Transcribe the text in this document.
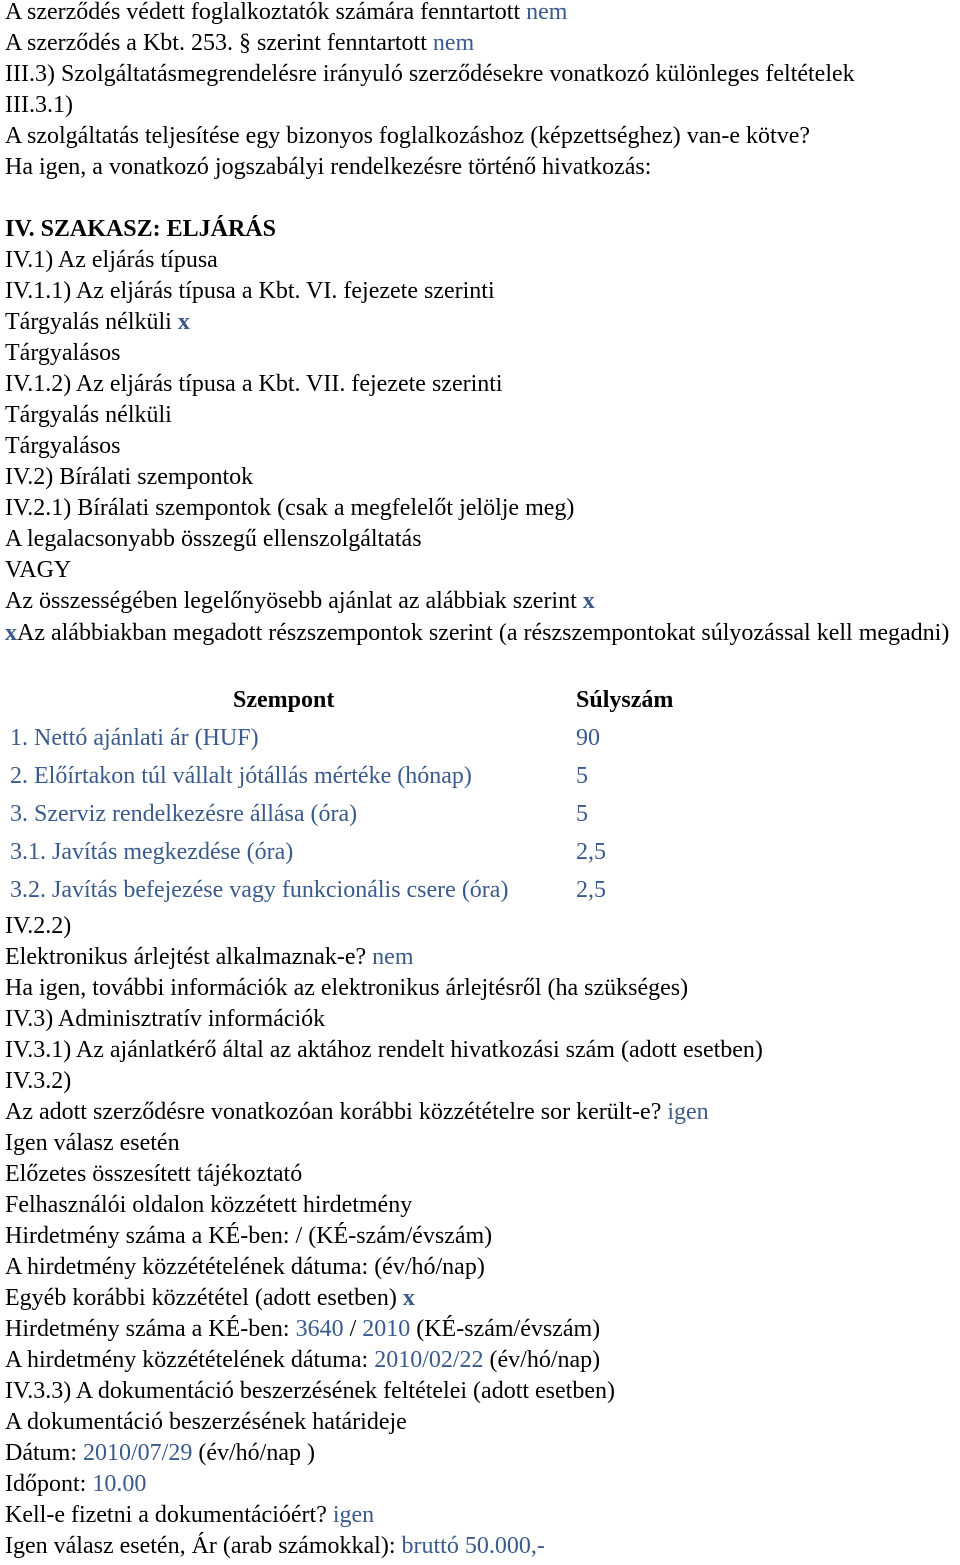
A szerződés védett foglalkoztatók számára fenntartott nem
A szerződés a Kbt. 253. § szerint fenntartott nem
III.3) Szolgáltatásmegrendelésre irányuló szerződésekre vonatkozó különleges feltételek
III.3.1)
A szolgáltatás teljesítése egy bizonyos foglalkozáshoz (képzettséghez) van-e kötve?
Ha igen, a vonatkozó jogszabályi rendelkezésre történő hivatkozás:
IV. SZAKASZ: ELJÁRÁS
IV.1) Az eljárás típusa
IV.1.1) Az eljárás típusa a Kbt. VI. fejezete szerinti
Tárgyalás nélküli x
Tárgyalásos
IV.1.2) Az eljárás típusa a Kbt. VII. fejezete szerinti
Tárgyalás nélküli
Tárgyalásos
IV.2) Bírálati szempontok
IV.2.1) Bírálati szempontok (csak a megfelelőt jelölje meg)
A legalacsonyabb összegű ellenszolgáltatás
VAGY
Az összességében legelőnyösebb ajánlat az alábbiak szerint x
xAz alábbiakban megadott részszempontok szerint (a részszempontokat súlyozással kell megadni)
Szempont	Súlyszám
1. Nettó ajánlati ár (HUF)	90
2. Előírtakon túl vállalt jótállás mértéke (hónap)	5
3. Szerviz rendelkezésre állása (óra)	5
3.1. Javítás megkezdése (óra)	2,5
3.2. Javítás befejezése vagy funkcionális csere (óra)	2,5
IV.2.2)
Elektronikus árlejtést alkalmaznak-e? nem
Ha igen, további információk az elektronikus árlejtésről (ha szükséges)
IV.3) Adminisztratív információk
IV.3.1) Az ajánlatkérő által az aktához rendelt hivatkozási szám (adott esetben)
IV.3.2)
Az adott szerződésre vonatkozóan korábbi közzétételre sor került-e? igen
Igen válasz esetén
Előzetes összesített tájékoztató
Felhasználói oldalon közzétett hirdetmény
Hirdetmény száma a KÉ-ben: / (KÉ-szám/évszám)
A hirdetmény közzétételének dátuma: (év/hó/nap)
Egyéb korábbi közzététel (adott esetben) x
Hirdetmény száma a KÉ-ben: 3640 / 2010 (KÉ-szám/évszám)
A hirdetmény közzétételének dátuma: 2010/02/22 (év/hó/nap)
IV.3.3) A dokumentáció beszerzésének feltételei (adott esetben)
A dokumentáció beszerzésének határideje
Dátum: 2010/07/29 (év/hó/nap )
Időpont: 10.00
Kell-e fizetni a dokumentációért? igen
Igen válasz esetén, Ár (arab számokkal): bruttó 50.000,-
